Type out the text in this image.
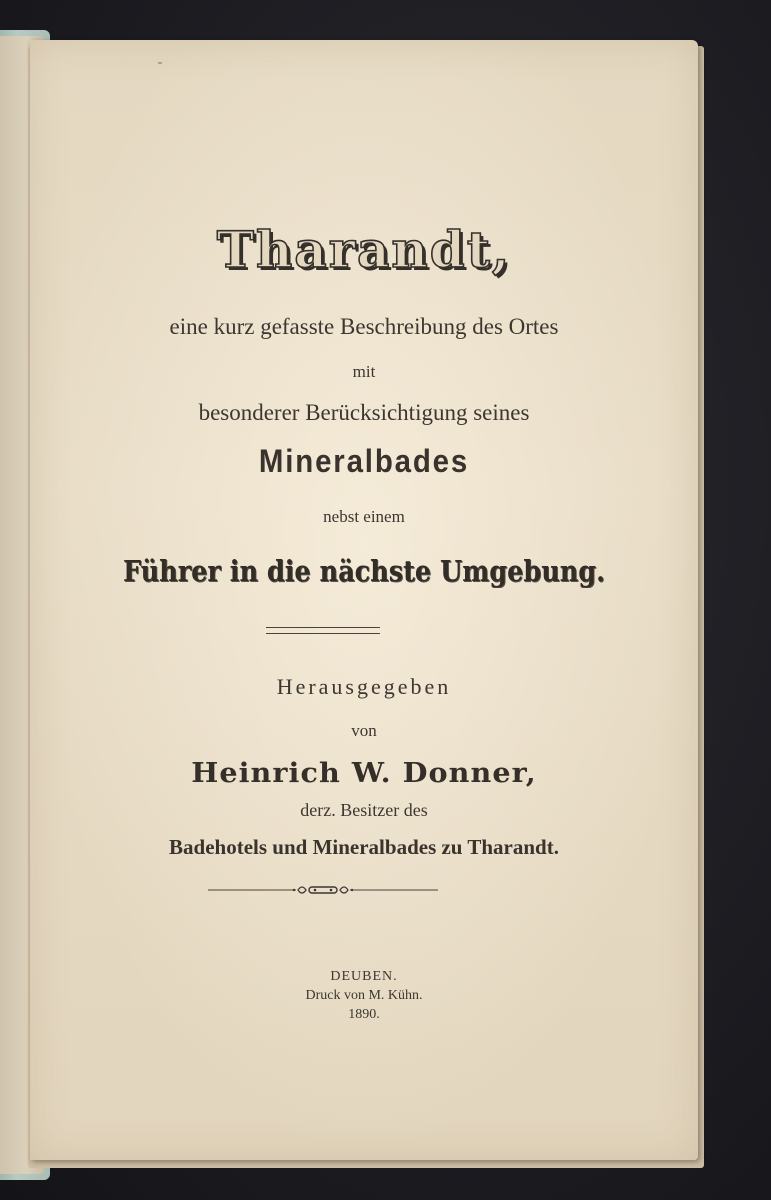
Tharandt,
eine kurz gefasste Beschreibung des Ortes
mit
besonderer Berücksichtigung seines
Mineralbades
nebst einem
Führer in die nächste Umgebung.
Herausgegeben
von
Heinrich W. Donner,
derz. Besitzer des
Badehotels und Mineralbades zu Tharandt.
DEUBEN.
Druck von M. Kühn.
1890.
